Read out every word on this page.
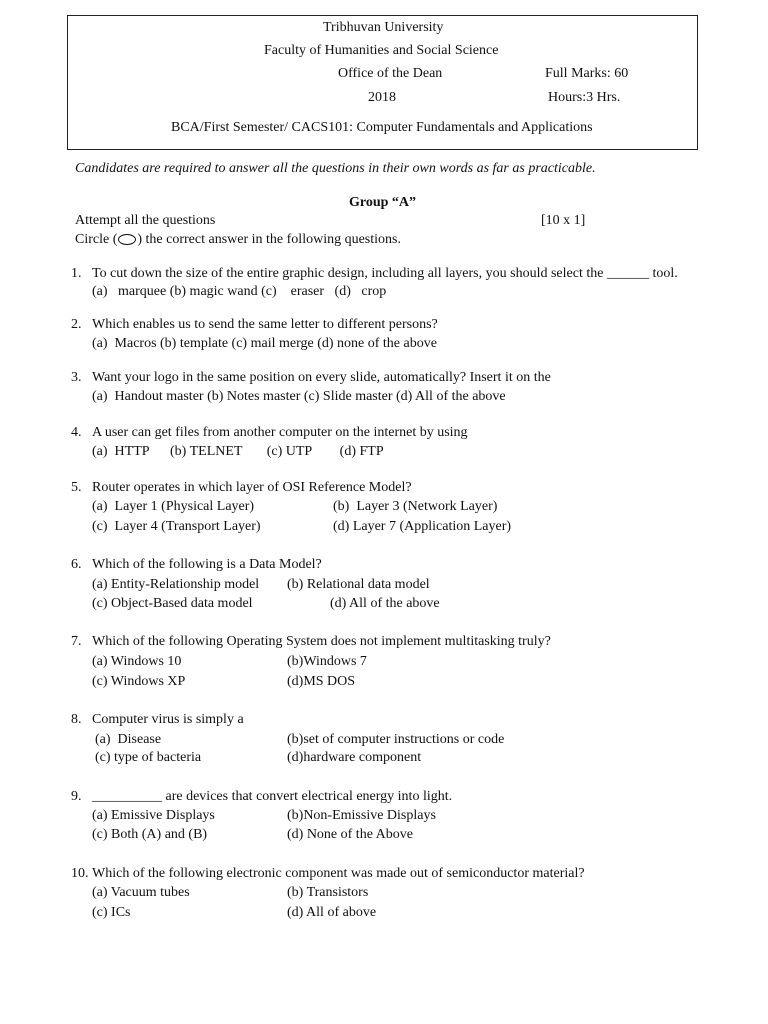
Tribhuvan University
Faculty of Humanities and Social Science
Office of the Dean	Full Marks: 60
2018	Hours:3 Hrs.
BCA/First Semester/ CACS101: Computer Fundamentals and Applications
Candidates are required to answer all the questions in their own words as far as practicable.
Group “A”
Attempt all the questions	[10 x 1]
Circle ( ) the correct answer in the following questions.
1. To cut down the size of the entire graphic design, including all layers, you should select the ______ tool.
(a)   marquee (b) magic wand (c)    eraser   (d)   crop
2. Which enables us to send the same letter to different persons?
(a)  Macros (b) template (c) mail merge (d) none of the above
3. Want your logo in the same position on every slide, automatically? Insert it on the
(a)  Handout master (b) Notes master (c) Slide master (d) All of the above
4. A user can get files from another computer on the internet by using
(a)  HTTP      (b) TELNET       (c) UTP        (d) FTP
5. Router operates in which layer of OSI Reference Model?
(a)  Layer 1 (Physical Layer)	(b)  Layer 3 (Network Layer)
(c)  Layer 4 (Transport Layer)	(d) Layer 7 (Application Layer)
6. Which of the following is a Data Model?
(a) Entity-Relationship model (b) Relational data model
(c) Object-Based data model	(d) All of the above
7. Which of the following Operating System does not implement multitasking truly?
(a) Windows 10	(b)Windows 7
(c) Windows XP	(d)MS DOS
8. Computer virus is simply a
(a)  Disease	(b)set of computer instructions or code
(c) type of bacteria	(d)hardware component
9. __________ are devices that convert electrical energy into light.
(a) Emissive Displays	(b)Non-Emissive Displays
(c) Both (A) and (B)	(d) None of the Above
10. Which of the following electronic component was made out of semiconductor material?
(a) Vacuum tubes	(b) Transistors
(c) ICs	(d) All of above
